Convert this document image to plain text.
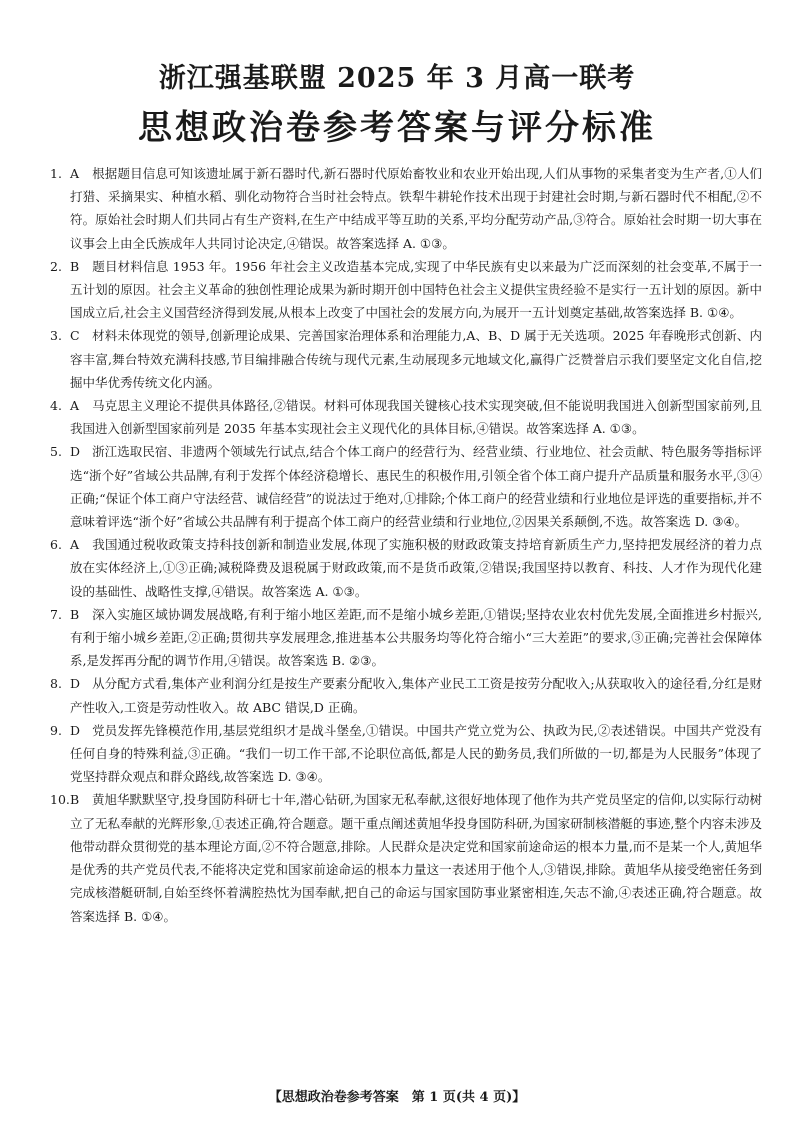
浙江强基联盟 2025 年 3 月高一联考
思想政治卷参考答案与评分标准

1. A 根据题目信息可知该遗址属于新石器时代,新石器时代原始畜牧业和农业开始出现,人们从事物的采集者变为生产者,①人们打猎、采摘果实、种植水稻、驯化动物符合当时社会特点。铁犁牛耕轮作技术出现于封建社会时期,与新石器时代不相配,②不符。原始社会时期人们共同占有生产资料,在生产中结成平等互助的关系,平均分配劳动产品,③符合。原始社会时期一切大事在议事会上由全氏族成年人共同讨论决定,④错误。故答案选择 A. ①③。

2. B 题目材料信息 1953 年。1956 年社会主义改造基本完成,实现了中华民族有史以来最为广泛而深刻的社会变革,不属于一五计划的原因。社会主义革命的独创性理论成果为新时期开创中国特色社会主义提供宝贵经验不是实行一五计划的原因。新中国成立后,社会主义国营经济得到发展,从根本上改变了中国社会的发展方向,为展开一五计划奠定基础,故答案选择 B. ①④。

3. C 材料未体现党的领导,创新理论成果、完善国家治理体系和治理能力,A、B、D 属于无关选项。2025 年春晚形式创新、内容丰富,舞台特效充满科技感,节目编排融合传统与现代元素,生动展现多元地域文化,赢得广泛赞誉启示我们要坚定文化自信,挖掘中华优秀传统文化内涵。

4. A 马克思主义理论不提供具体路径,②错误。材料可体现我国关键核心技术实现突破,但不能说明我国进入创新型国家前列,且我国进入创新型国家前列是 2035 年基本实现社会主义现代化的具体目标,④错误。故答案选择 A. ①③。

5. D 浙江选取民宿、非遗两个领域先行试点,结合个体工商户的经营行为、经营业绩、行业地位、社会贡献、特色服务等指标评选“浙个好”省域公共品牌,有利于发挥个体经济稳增长、惠民生的积极作用,引领全省个体工商户提升产品质量和服务水平,③④正确;“保证个体工商户守法经营、诚信经营”的说法过于绝对,①排除;个体工商户的经营业绩和行业地位是评选的重要指标,并不意味着评选“浙个好”省域公共品牌有利于提高个体工商户的经营业绩和行业地位,②因果关系颠倒,不选。故答案选 D. ③④。

6. A 我国通过税收政策支持科技创新和制造业发展,体现了实施积极的财政政策支持培育新质生产力,坚持把发展经济的着力点放在实体经济上,①③正确;减税降费及退税属于财政政策,而不是货币政策,②错误;我国坚持以教育、科技、人才作为现代化建设的基础性、战略性支撑,④错误。故答案选 A. ①③。

7. B 深入实施区域协调发展战略,有利于缩小地区差距,而不是缩小城乡差距,①错误;坚持农业农村优先发展,全面推进乡村振兴,有利于缩小城乡差距,②正确;贯彻共享发展理念,推进基本公共服务均等化符合缩小“三大差距”的要求,③正确;完善社会保障体系,是发挥再分配的调节作用,④错误。故答案选 B. ②③。

8. D 从分配方式看,集体产业利润分红是按生产要素分配收入,集体产业民工工资是按劳分配收入;从获取收入的途径看,分红是财产性收入,工资是劳动性收入。故 ABC 错误,D 正确。

9. D 党员发挥先锋模范作用,基层党组织才是战斗堡垒,①错误。中国共产党立党为公、执政为民,②表述错误。中国共产党没有任何自身的特殊利益,③正确。“我们一切工作干部,不论职位高低,都是人民的勤务员,我们所做的一切,都是为人民服务”体现了党坚持群众观点和群众路线,故答案选 D. ③④。

10. B 黄旭华默默坚守,投身国防科研七十年,潜心钻研,为国家无私奉献,这很好地体现了他作为共产党员坚定的信仰,以实际行动树立了无私奉献的光辉形象,①表述正确,符合题意。题干重点阐述黄旭华投身国防科研,为国家研制核潜艇的事迹,整个内容未涉及他带动群众贯彻党的基本理论方面,②不符合题意,排除。人民群众是决定党和国家前途命运的根本力量,而不是某一个人,黄旭华是优秀的共产党员代表,不能将决定党和国家前途命运的根本力量这一表述用于他个人,③错误,排除。黄旭华从接受绝密任务到完成核潜艇研制,自始至终怀着满腔热忱为国奉献,把自己的命运与国家国防事业紧密相连,矢志不渝,④表述正确,符合题意。故答案选择 B. ①④。

【思想政治卷参考答案　第 1 页(共 4 页)】
